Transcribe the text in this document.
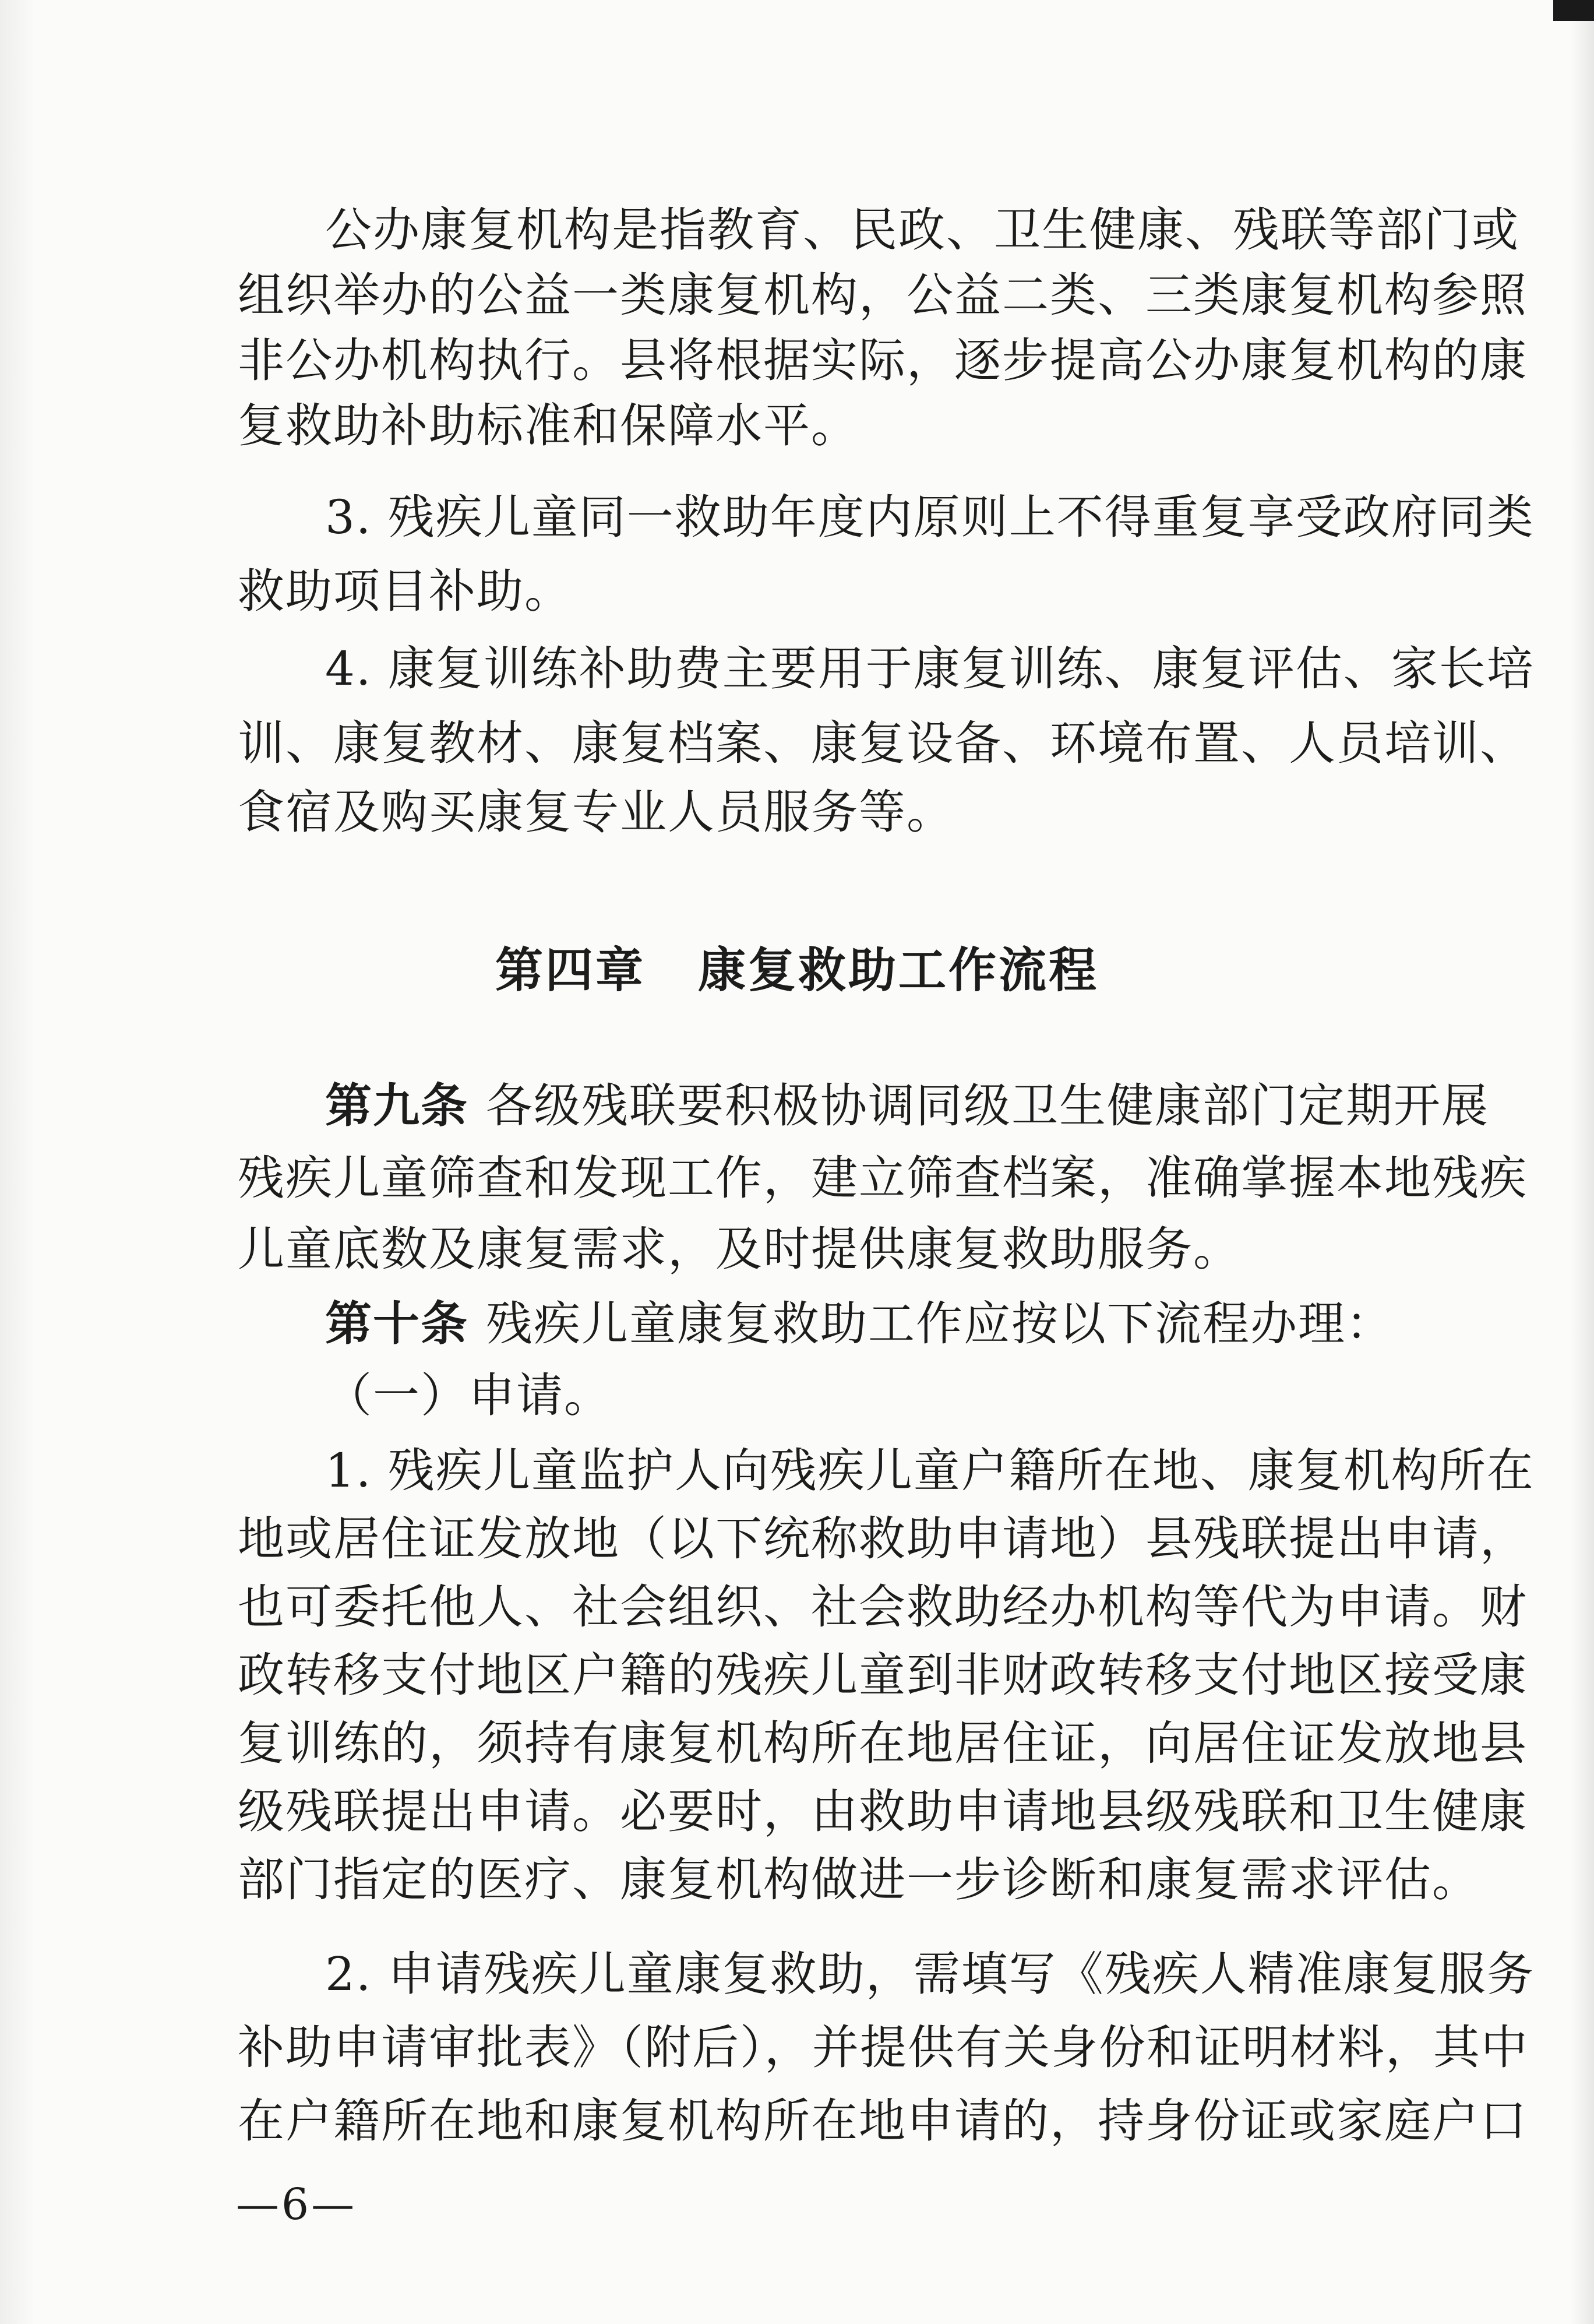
公办康复机构是指教育、民政、卫生健康、残联等部门或
组织举办的公益一类康复机构，公益二类、三类康复机构参照
非公办机构执行。县将根据实际，逐步提高公办康复机构的康
复救助补助标准和保障水平。
3. 残疾儿童同一救助年度内原则上不得重复享受政府同类
救助项目补助。
4. 康复训练补助费主要用于康复训练、康复评估、家长培
训、康复教材、康复档案、康复设备、环境布置、人员培训、
食宿及购买康复专业人员服务等。
第四章 康复救助工作流程
第九条 各级残联要积极协调同级卫生健康部门定期开展
残疾儿童筛查和发现工作，建立筛查档案，准确掌握本地残疾
儿童底数及康复需求，及时提供康复救助服务。
第十条 残疾儿童康复救助工作应按以下流程办理：
（一）申请。
1. 残疾儿童监护人向残疾儿童户籍所在地、康复机构所在
地或居住证发放地（以下统称救助申请地）县残联提出申请，
也可委托他人、社会组织、社会救助经办机构等代为申请。财
政转移支付地区户籍的残疾儿童到非财政转移支付地区接受康
复训练的，须持有康复机构所在地居住证，向居住证发放地县
级残联提出申请。必要时，由救助申请地县级残联和卫生健康
部门指定的医疗、康复机构做进一步诊断和康复需求评估。
2. 申请残疾儿童康复救助，需填写《残疾人精准康复服务
补助申请审批表》（附后），并提供有关身份和证明材料，其中
在户籍所在地和康复机构所在地申请的，持身份证或家庭户口
—6—
